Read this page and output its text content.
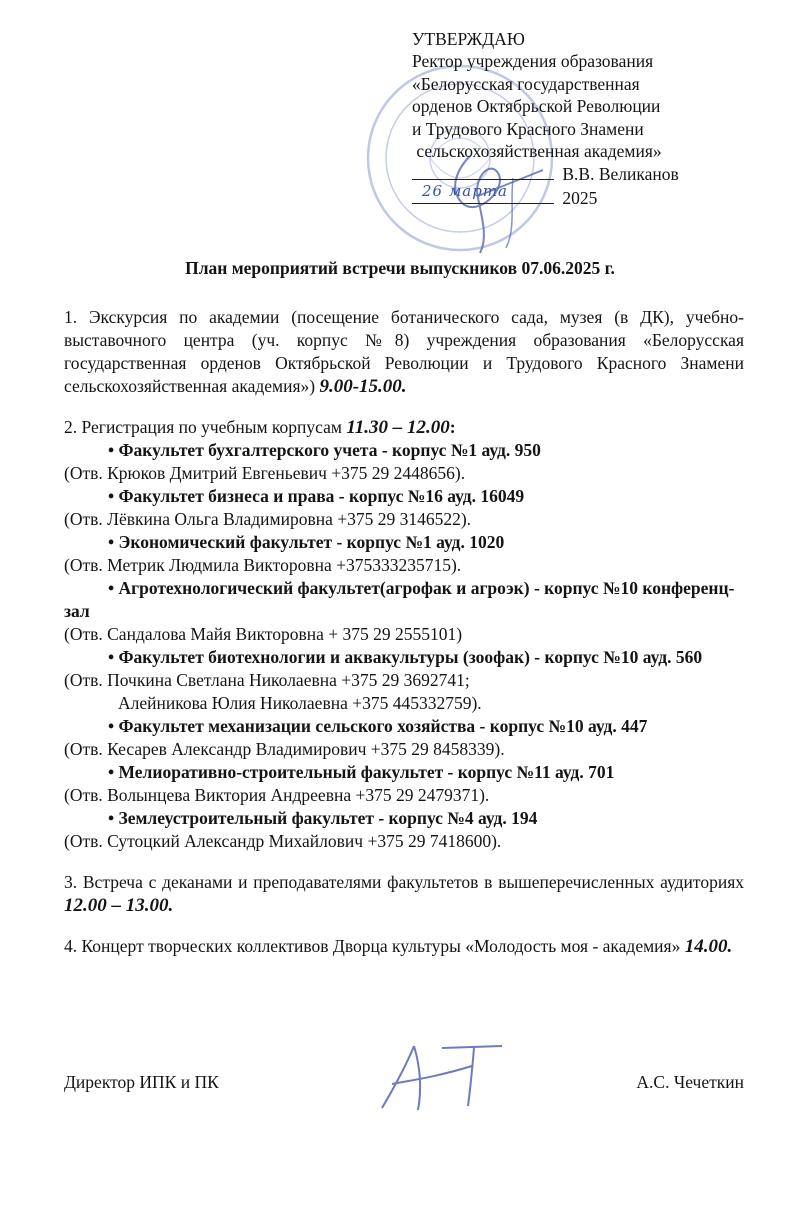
УТВЕРЖДАЮ
Ректор учреждения образования
«Белорусская государственная
орденов Октябрьской Революции
и Трудового Красного Знамени
сельскохозяйственная академия»
В.В. Великанов

26 марта	2025
План мероприятий встречи выпускников 07.06.2025 г.

1. Экскурсия по академии (посещение ботанического сада, музея (в ДК), учебно-выставочного центра (уч. корпус №8) учреждения образования «Белорусская государственная орденов Октябрьской Революции и Трудового Красного Знамени сельскохозяйственная академия») 9.00-15.00.

2. Регистрация по учебным корпусам 11.30 – 12.00:

• Факультет бухгалтерского учета - корпус №1 ауд. 950
(Отв. Крюков Дмитрий Евгеньевич +375 29 2448656).
• Факультет бизнеса и права - корпус №16 ауд. 16049
(Отв. Лёвкина Ольга Владимировна +375 29 3146522).
• Экономический факультет - корпус №1 ауд. 1020
(Отв. Метрик Людмила Викторовна +375333235715).
• Агротехнологический факультет(агрофак и агроэк) - корпус №10 конференц-зал
(Отв. Сандалова Майя Викторовна + 375 29 2555101)
• Факультет биотехнологии и аквакультуры (зоофак) - корпус №10 ауд. 560
(Отв. Почкина Светлана Николаевна +375 29 3692741;
Алейникова Юлия Николаевна +375 445332759).
• Факультет механизации сельского хозяйства - корпус №10 ауд. 447
(Отв. Кесарев Александр Владимирович +375 29 8458339).
• Мелиоративно-строительный факультет - корпус №11 ауд. 701
(Отв. Волынцева Виктория Андреевна +375 29 2479371).
• Землеустроительный факультет - корпус №4 ауд. 194
(Отв. Сутоцкий Александр Михайлович +375 29 7418600).

3. Встреча с деканами и преподавателями факультетов в вышеперечисленных аудиториях  12.00 – 13.00.

4. Концерт творческих коллективов Дворца культуры «Молодость моя - академия» 14.00.

Директор ИПК и ПК	А.С. Чечеткин
